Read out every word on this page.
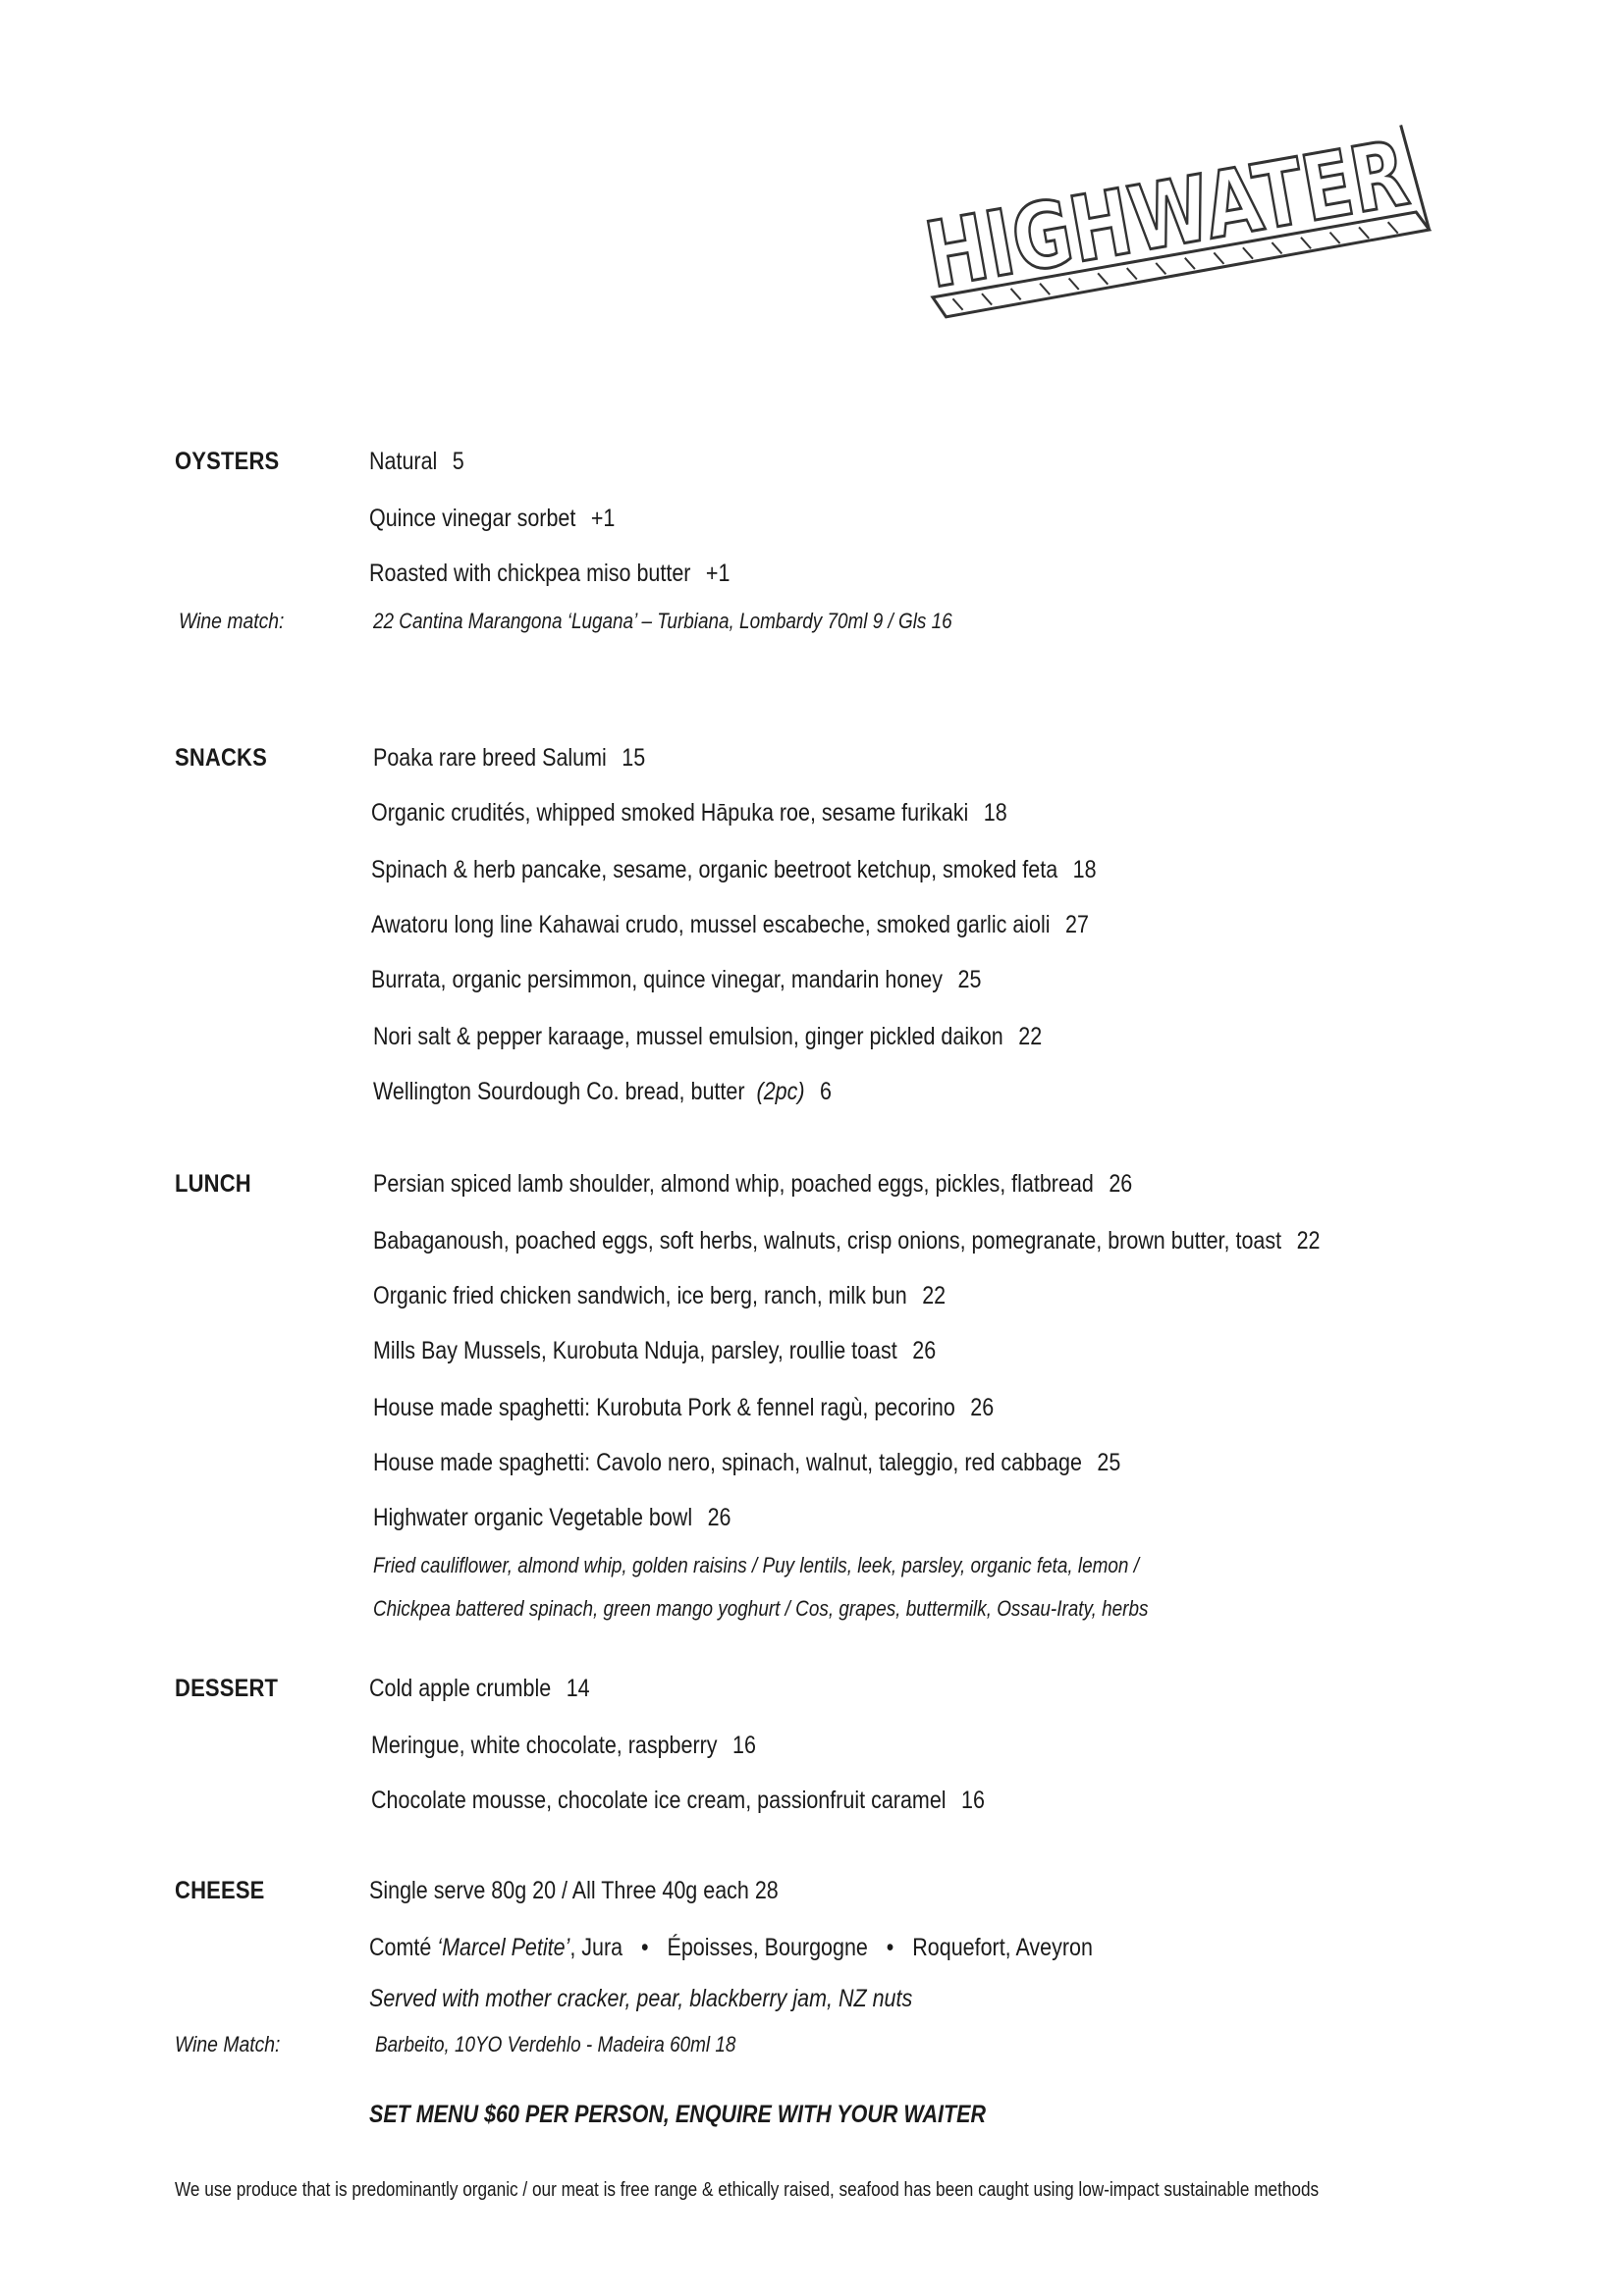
HIGHWATER
OYSTERS	Natural 5
Quince vinegar sorbet +1
Roasted with chickpea miso butter +1
Wine match:	22 Cantina Marangona ‘Lugana’ – Turbiana, Lombardy 70ml 9 / Gls 16
SNACKS	Poaka rare breed Salumi 15
Organic crudités, whipped smoked Hāpuka roe, sesame furikaki 18
Spinach & herb pancake, sesame, organic beetroot ketchup, smoked feta 18
Awatoru long line Kahawai crudo, mussel escabeche, smoked garlic aioli 27
Burrata, organic persimmon, quince vinegar, mandarin honey 25
Nori salt & pepper karaage, mussel emulsion, ginger pickled daikon 22
Wellington Sourdough Co. bread, butter (2pc) 6
LUNCH	Persian spiced lamb shoulder, almond whip, poached eggs, pickles, flatbread 26
Babaganoush, poached eggs, soft herbs, walnuts, crisp onions, pomegranate, brown butter, toast 22
Organic fried chicken sandwich, ice berg, ranch, milk bun 22
Mills Bay Mussels, Kurobuta Nduja, parsley, roullie toast 26
House made spaghetti: Kurobuta Pork & fennel ragù, pecorino 26
House made spaghetti: Cavolo nero, spinach, walnut, taleggio, red cabbage 25
Highwater organic Vegetable bowl 26
Fried cauliflower, almond whip, golden raisins / Puy lentils, leek, parsley, organic feta, lemon /
Chickpea battered spinach, green mango yoghurt / Cos, grapes, buttermilk, Ossau-Iraty, herbs
DESSERT	Cold apple crumble 14
Meringue, white chocolate, raspberry 16
Chocolate mousse, chocolate ice cream, passionfruit caramel 16
CHEESE	Single serve 80g 20 / All Three 40g each 28
Comté ‘Marcel Petite’, Jura • Époisses, Bourgogne • Roquefort, Aveyron
Served with mother cracker, pear, blackberry jam, NZ nuts
Wine Match:	Barbeito, 10YO Verdehlo - Madeira 60ml 18
SET MENU $60 PER PERSON, ENQUIRE WITH YOUR WAITER
We use produce that is predominantly organic / our meat is free range & ethically raised, seafood has been caught using low-impact sustainable methods
